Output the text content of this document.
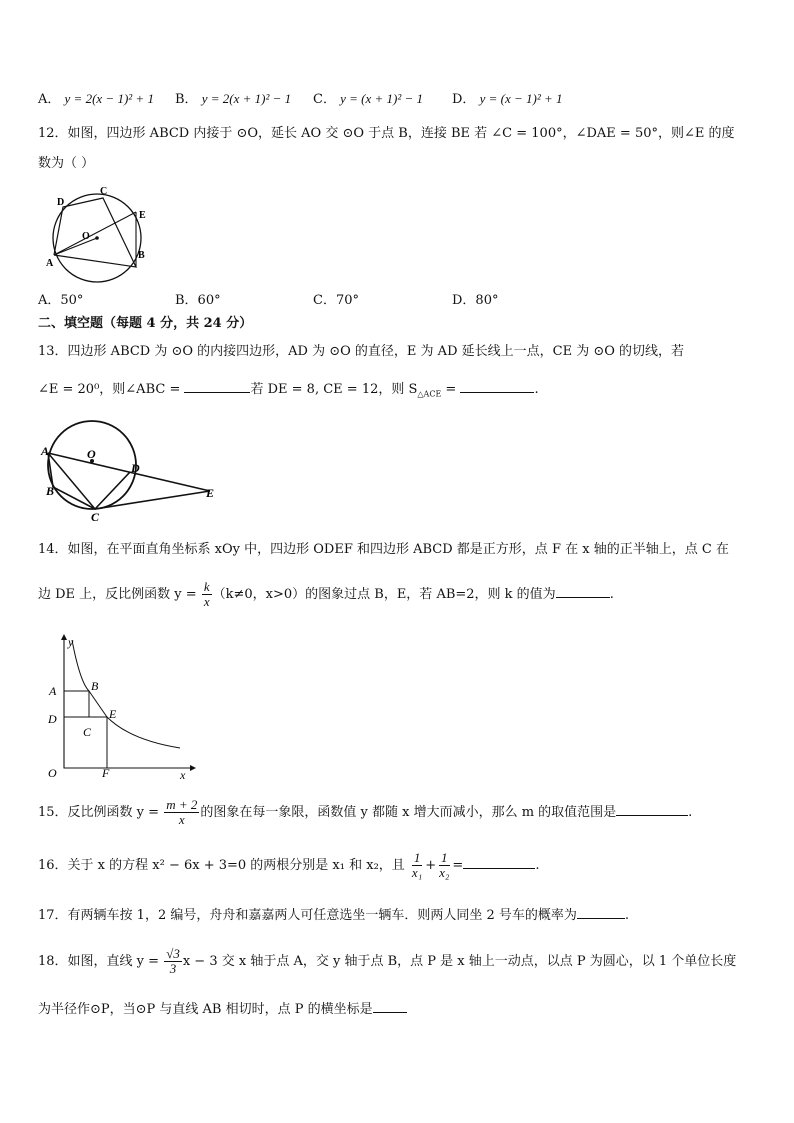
A． y = 2(x − 1)² + 1 B． y = 2(x + 1)² − 1 C． y = (x + 1)² − 1 D． y = (x − 1)² + 1
12．如图，四边形 ABCD 内接于 ⊙O，延长 AO 交 ⊙O 于点 B，连接 BE 若 ∠C = 100°，∠DAE = 50°，则∠E 的度
数为（ ）
D
C
E
O
A
B
A．50°	B．60°	C．70°	D．80°
二、填空题（每题 4 分，共 24 分）
13．四边形 ABCD 为 ⊙O 的内接四边形，AD 为 ⊙O 的直径，E 为 AD 延长线上一点，CE 为 ⊙O 的切线，若
∠E = 20⁰，则∠ABC =	若 DE = 8, CE = 12，则 $S_{\triangle ACE}$ =	.
A	O
D
E
B
C
14．如图，在平面直角坐标系 xOy 中，四边形 ODEF 和四边形 ABCD 都是正方形，点 F 在 x 轴的正半轴上，点 C 在
边 DE 上，反比例函数 $y = \frac{k}{x} (k\ne 0$，x>0）的图象过点 B，E，若 AB=2，则 k 的值为	.
y
A	B
D	E
C
O	F	x
15．反比例函数 $y = \frac{m + 2}{x}$ 的图象在每一象限，函数值 y 都随 x 增大而减小，那么 m 的取值范围是	.
16．关于 x 的方程 x² − 6x + 3=0 的两根分别是 x₁ 和 x₂，且 $\frac{1}{\text{x₁}} + \frac{1}{\text{x₂}}$ =	.
17．有两辆车按 1，2 编号，舟舟和嘉嘉两人可任意选坐一辆车．则两人同坐 2 号车的概率为	.
18．如图，直线 $y = \frac{√3}{3}$ x − 3 交 x 轴于点 A，交 y 轴于点 B，点 P 是 x 轴上一动点，以点 P 为圆心，以 1 个单位长度
为半径作⊙P，当⊙P 与直线 AB 相切时，点 P 的横坐标是
